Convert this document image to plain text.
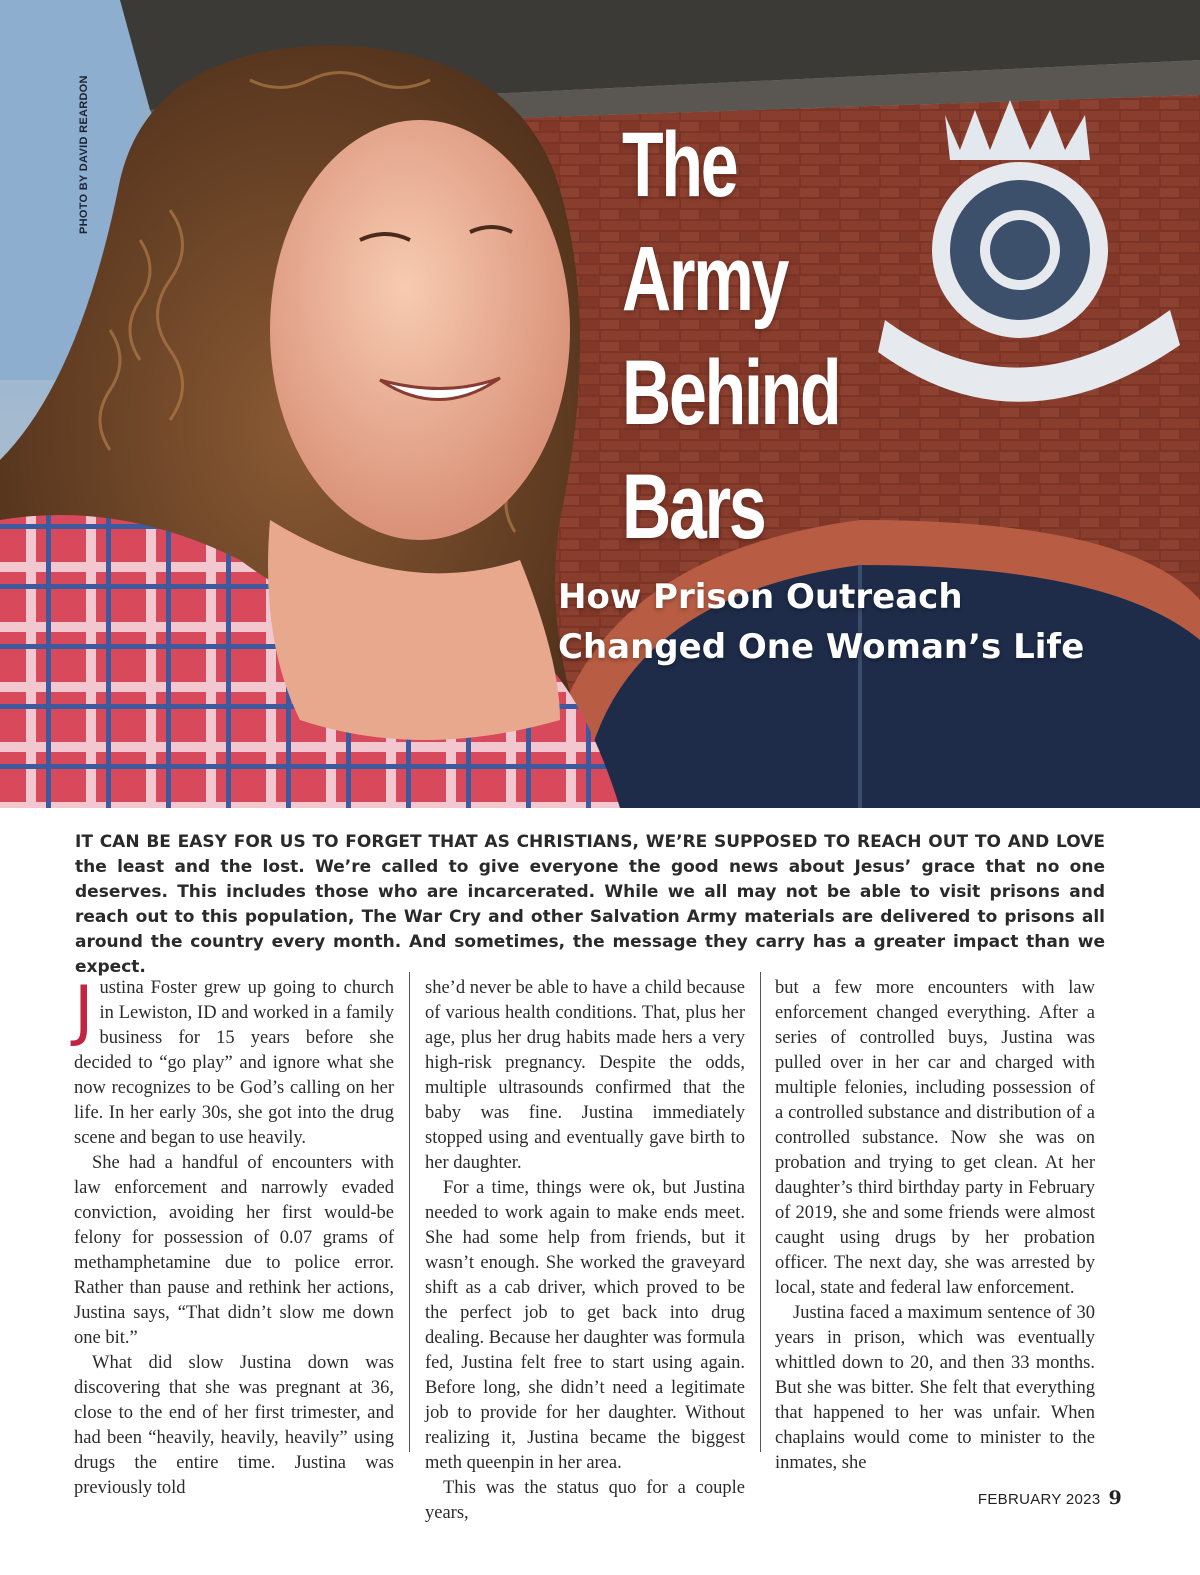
PHOTO BY DAVID REARDON	The
Army
Behind
Bars
How Prison Outreach
Changed One Woman’s Life

IT CAN BE EASY FOR US TO FORGET THAT AS CHRISTIANS, WE’RE SUPPOSED TO REACH OUT TO AND LOVE the least and the lost. We’re called to give everyone the good news about Jesus’ grace that no one deserves. This includes those who are incarcerated. While we all may not be able to visit prisons and reach out to this population, The War Cry and other Salvation Army materials are delivered to prisons all around the country every month. And sometimes, the message they carry has a greater impact than we expect.

Justina Foster grew up going to church in Lewiston, ID and worked in a family business for 15 years before she decided to “go play” and ignore what she now recognizes to be God’s calling on her life. In her early 30s, she got into the drug scene and began to use heavily.

She had a handful of encounters with law enforcement and narrowly evaded conviction, avoiding her first would-be felony for possession of 0.07 grams of methamphetamine due to police error. Rather than pause and rethink her actions, Justina says, “That didn’t slow me down one bit.”

What did slow Justina down was discovering that she was pregnant at 36, close to the end of her first trimester, and had been “heavily, heavily, heavily” using drugs the entire time. Justina was previously told

she’d never be able to have a child because of various health conditions. That, plus her age, plus her drug habits made hers a very high-risk pregnancy. Despite the odds, multiple ultrasounds confirmed that the baby was fine. Justina immediately stopped using and eventually gave birth to her daughter.

For a time, things were ok, but Justina needed to work again to make ends meet. She had some help from friends, but it wasn’t enough. She worked the graveyard shift as a cab driver, which proved to be the perfect job to get back into drug dealing. Because her daughter was formula fed, Justina felt free to start using again. Before long, she didn’t need a legitimate job to provide for her daughter. Without realizing it, Justina became the biggest meth queenpin in her area.

This was the status quo for a couple years,

but a few more encounters with law enforcement changed everything. After a series of controlled buys, Justina was pulled over in her car and charged with multiple felonies, including possession of a controlled substance and distribution of a controlled substance. Now she was on probation and trying to get clean. At her daughter’s third birthday party in February of 2019, she and some friends were almost caught using drugs by her probation officer. The next day, she was arrested by local, state and federal law enforcement.

Justina faced a maximum sentence of 30 years in prison, which was eventually whittled down to 20, and then 33 months. But she was bitter. She felt that everything that happened to her was unfair. When chaplains would come to minister to the inmates, she

FEBRUARY 2023 9
